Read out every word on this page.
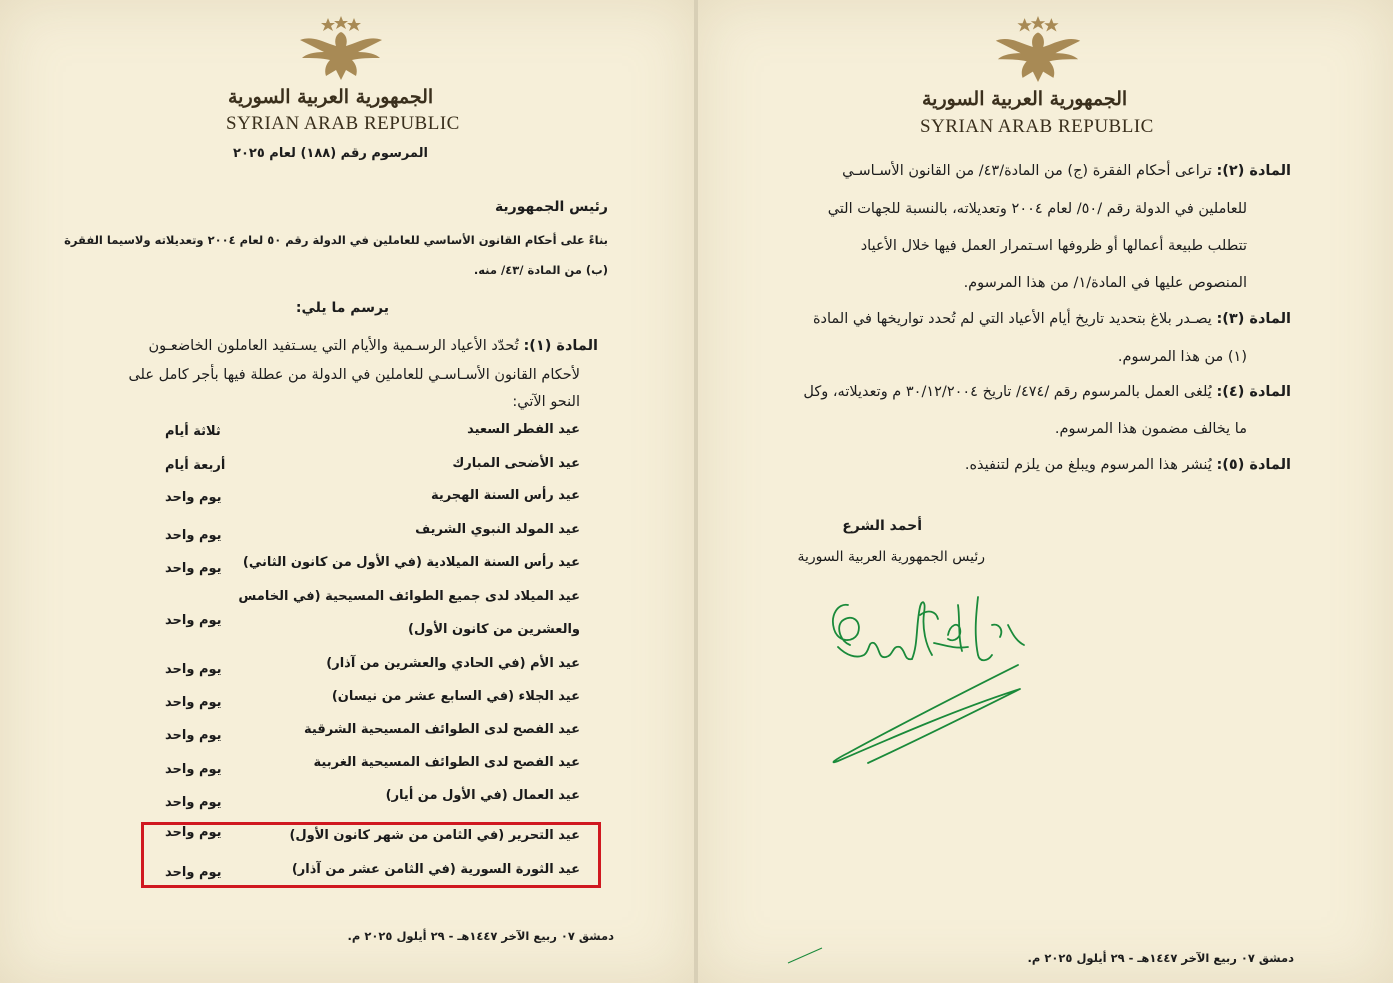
الجمهورية العربية السورية
SYRIAN ARAB REPUBLIC
المرسوم رقم (١٨٨) لعام ٢٠٢٥
رئيس الجمهورية
بناءً على أحكام القانون الأساسي للعاملين في الدولة رقم ٥٠ لعام ٢٠٠٤ وتعديلاته ولاسيما الفقرة
(ب) من المادة /٤٣/ منه.
يرسم ما يلي:
المادة (١): تُحدّد الأعياد الرسـمية والأيام التي يسـتفيد العاملون الخاضعـون
لأحكام القانون الأسـاسـي للعاملين في الدولة من عطلة فيها بأجر كامل على
النحو الآتي:
عيد الفطر السعيد
ثلاثة أيام
عيد الأضحى المبارك
أربعة أيام
عيد رأس السنة الهجرية
يوم واحد
عيد المولد النبوي الشريف
يوم واحد
عيد رأس السنة الميلادية (في الأول من كانون الثاني)
يوم واحد
عيد الميلاد لدى جميع الطوائف المسيحية (في الخامس
والعشرين من كانون الأول)
يوم واحد
عيد الأم (في الحادي والعشرين من آذار)
يوم واحد
عيد الجلاء (في السابع عشر من نيسان)
يوم واحد
عيد الفصح لدى الطوائف المسيحية الشرقية
يوم واحد
عيد الفصح لدى الطوائف المسيحية الغربية
يوم واحد
عيد العمال (في الأول من أيار)
يوم واحد
عيد التحرير (في الثامن من شهر كانون الأول)
يوم واحد
عيد الثورة السورية (في الثامن عشر من آذار)
يوم واحد
دمشق ٠٧ ربيع الآخر ١٤٤٧هـ - ٢٩ أيلول ٢٠٢٥ م.
الجمهورية العربية السورية
SYRIAN ARAB REPUBLIC
المادة (٢): تراعى أحكام الفقرة (ج) من المادة/٤٣/ من القانون الأسـاسـي
للعاملين في الدولة رقم /٥٠/ لعام ٢٠٠٤ وتعديلاته، بالنسبة للجهات التي
تتطلب طبيعة أعمالها أو ظروفها اسـتمرار العمل فيها خلال الأعياد
المنصوص عليها في المادة/١/ من هذا المرسوم.
المادة (٣): يصـدر بلاغ بتحديد تاريخ أيام الأعياد التي لم تُحدد تواريخها في المادة
(١) من هذا المرسوم.
المادة (٤): يُلغى العمل بالمرسوم رقم /٤٧٤/ تاريخ ٣٠/١٢/٢٠٠٤ م وتعديلاته، وكل
ما يخالف مضمون هذا المرسوم.
المادة (٥): يُنشر هذا المرسوم ويبلغ من يلزم لتنفيذه.
أحمد الشرع
رئيس الجمهورية العربية السورية
دمشق ٠٧ ربيع الآخر ١٤٤٧هـ - ٢٩ أيلول ٢٠٢٥ م.
